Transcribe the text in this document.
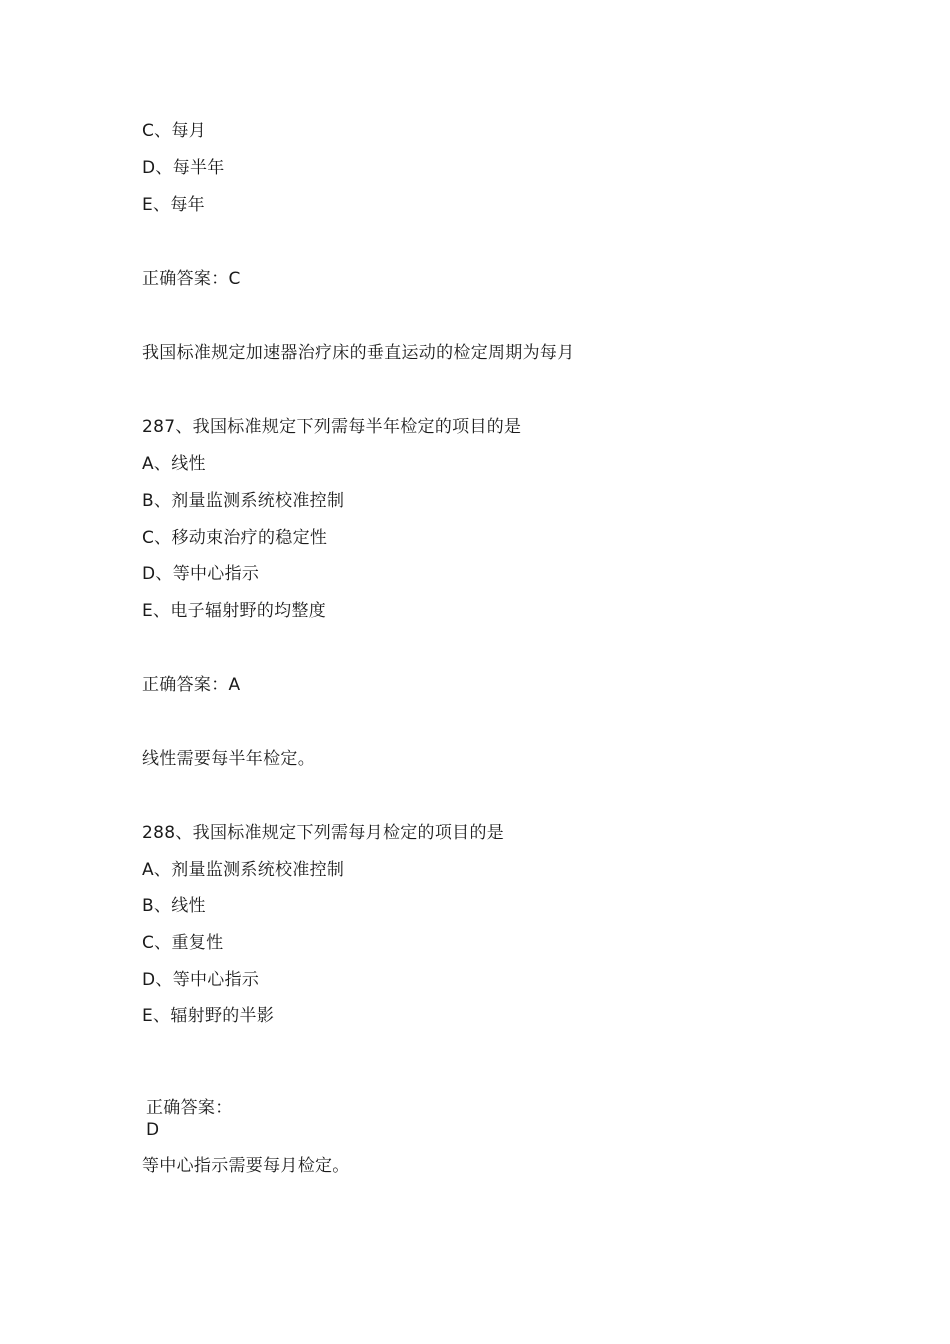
C、每月
D、每半年
E、每年
正确答案：C
我国标准规定加速器治疗床的垂直运动的检定周期为每月
287、我国标准规定下列需每半年检定的项目的是
A、线性
B、剂量监测系统校准控制
C、移动束治疗的稳定性
D、等中心指示
E、电子辐射野的均整度
正确答案：A
线性需要每半年检定。
288、我国标准规定下列需每月检定的项目的是
A、剂量监测系统校准控制
B、线性
C、重复性
D、等中心指示
E、辐射野的半影
正确答案：
D
等中心指示需要每月检定。
